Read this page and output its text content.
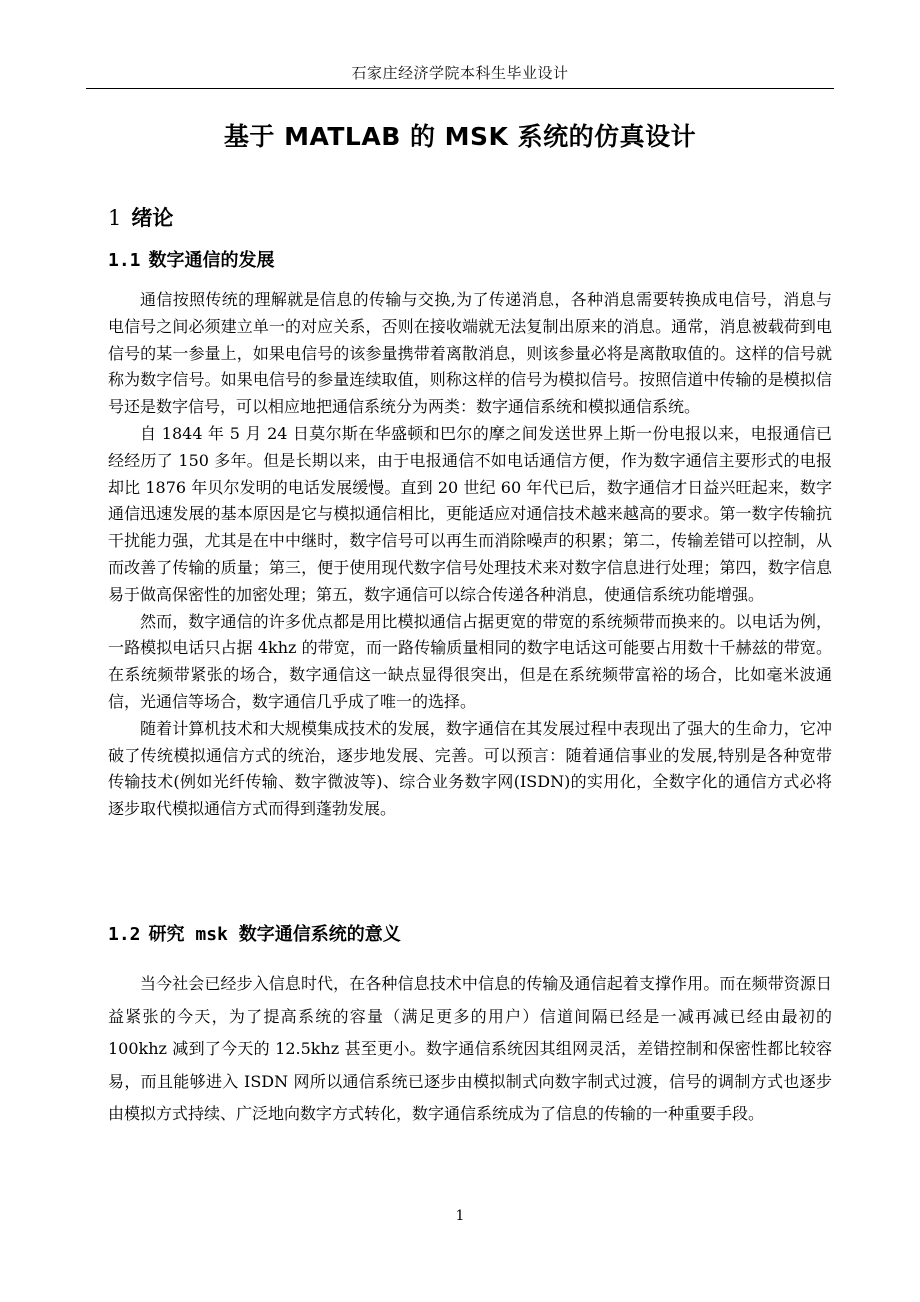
石家庄经济学院本科生毕业设计
基于 MATLAB 的 MSK 系统的仿真设计
1 绪论
1.1 数字通信的发展

通信按照传统的理解就是信息的传输与交换,为了传递消息，各种消息需要转换成电信号，消息与电信号之间必须建立单一的对应关系，否则在接收端就无法复制出原来的消息。通常，消息被载荷到电信号的某一参量上，如果电信号的该参量携带着离散消息，则该参量必将是离散取值的。这样的信号就称为数字信号。如果电信号的参量连续取值，则称这样的信号为模拟信号。按照信道中传输的是模拟信号还是数字信号，可以相应地把通信系统分为两类：数字通信系统和模拟通信系统。

自 1844 年 5 月 24 日莫尔斯在华盛顿和巴尔的摩之间发送世界上斯一份电报以来，电报通信已经经历了 150 多年。但是长期以来，由于电报通信不如电话通信方便，作为数字通信主要形式的电报却比 1876 年贝尔发明的电话发展缓慢。直到 20 世纪 60 年代已后，数字通信才日益兴旺起来，数字通信迅速发展的基本原因是它与模拟通信相比，更能适应对通信技术越来越高的要求。第一数字传输抗干扰能力强，尤其是在中中继时，数字信号可以再生而消除噪声的积累；第二，传输差错可以控制，从而改善了传输的质量；第三，便于使用现代数字信号处理技术来对数字信息进行处理；第四，数字信息易于做高保密性的加密处理；第五，数字通信可以综合传递各种消息，使通信系统功能增强。

然而，数字通信的许多优点都是用比模拟通信占据更宽的带宽的系统频带而换来的。以电话为例，一路模拟电话只占据 4khz 的带宽，而一路传输质量相同的数字电话这可能要占用数十千赫兹的带宽。在系统频带紧张的场合，数字通信这一缺点显得很突出，但是在系统频带富裕的场合，比如毫米波通信，光通信等场合，数字通信几乎成了唯一的选择。

随着计算机技术和大规模集成技术的发展，数字通信在其发展过程中表现出了强大的生命力，它冲破了传统模拟通信方式的统治，逐步地发展、完善。可以预言：随着通信事业的发展,特别是各种宽带传输技术(例如光纤传输、数字微波等)、综合业务数字网(ISDN)的实用化，全数字化的通信方式必将逐步取代模拟通信方式而得到蓬勃发展。

1.2 研究 msk 数字通信系统的意义

当今社会已经步入信息时代，在各种信息技术中信息的传输及通信起着支撑作用。而在频带资源日益紧张的今天，为了提高系统的容量（满足更多的用户）信道间隔已经是一减再减已经由最初的 100khz 减到了今天的 12.5khz 甚至更小。数字通信系统因其组网灵活，差错控制和保密性都比较容易，而且能够进入 ISDN 网所以通信系统已逐步由模拟制式向数字制式过渡，信号的调制方式也逐步由模拟方式持续、广泛地向数字方式转化，数字通信系统成为了信息的传输的一种重要手段。

1
